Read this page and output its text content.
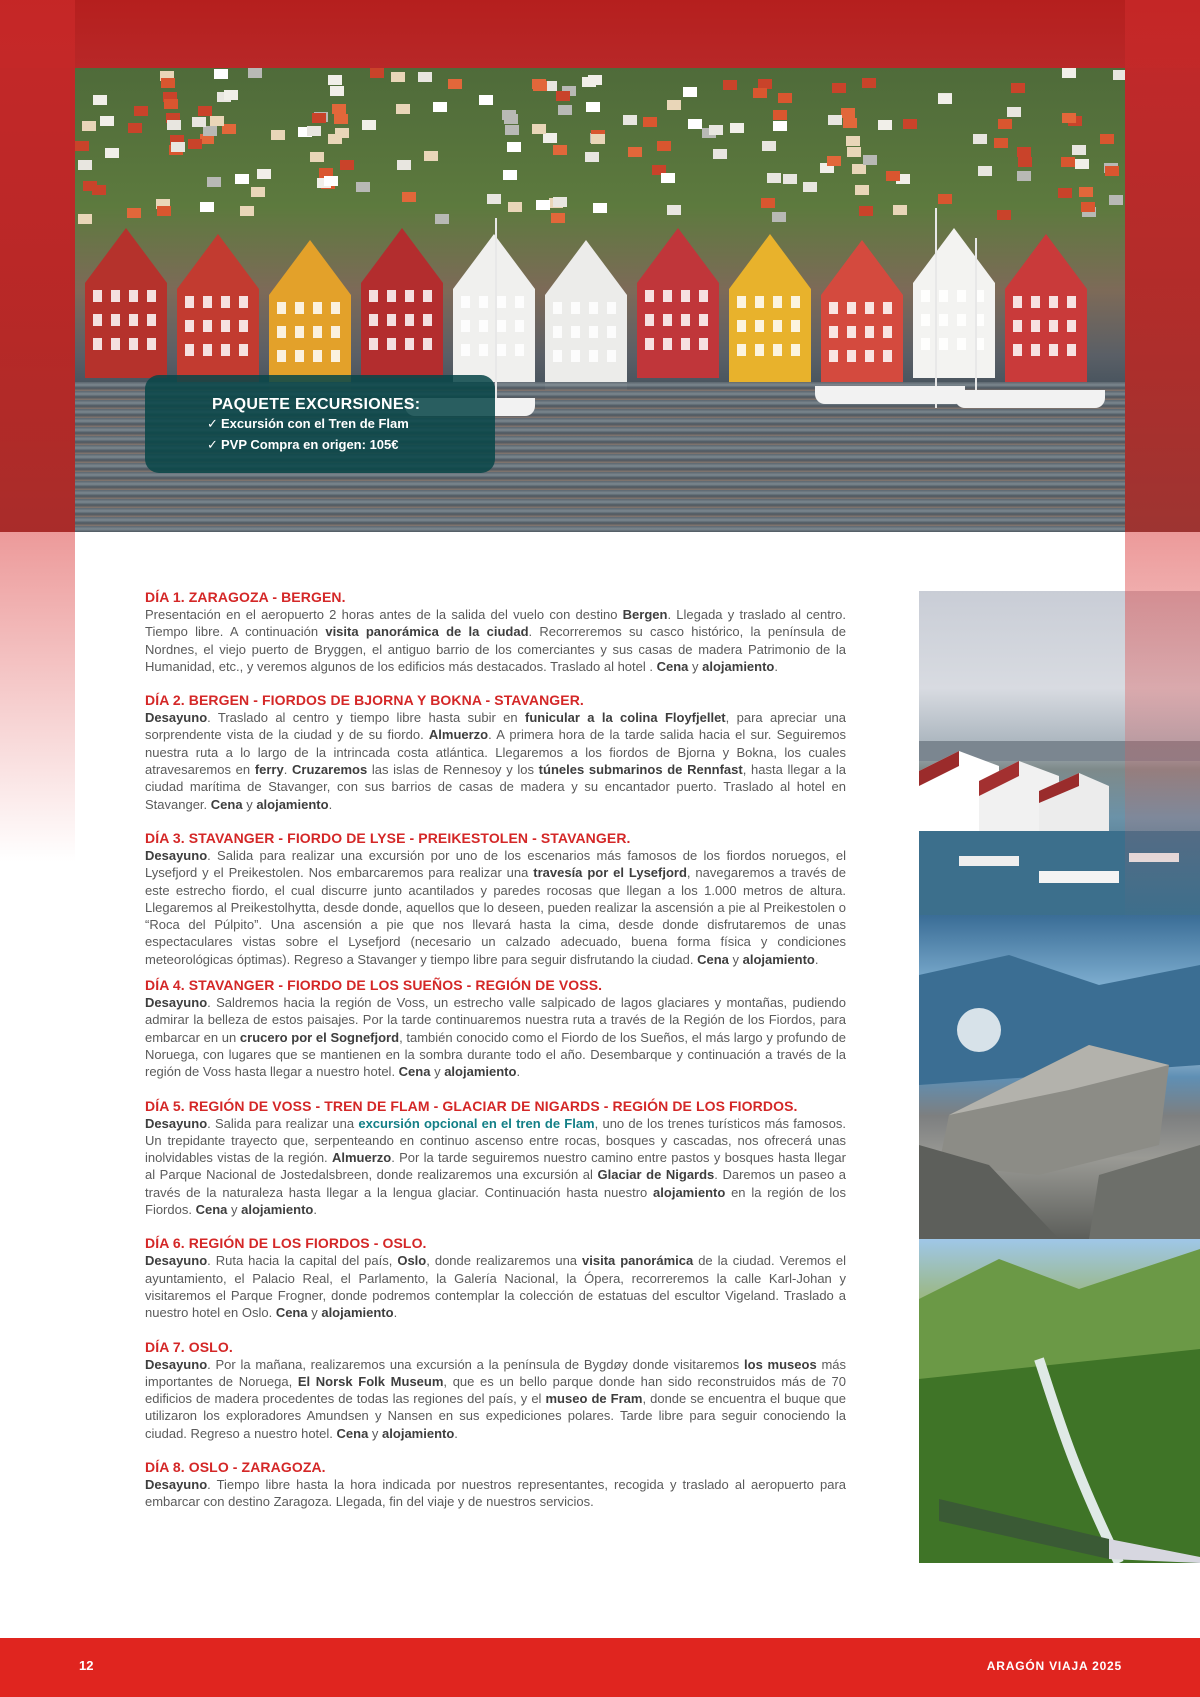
PAQUETE EXCURSIONES:
✓ Excursión con el Tren de Flam
✓ PVP Compra en origen: 105€
DÍA 1. ZARAGOZA - BERGEN.
Presentación en el aeropuerto 2 horas antes de la salida del vuelo con destino Bergen. Llegada y traslado al centro. Tiempo libre. A continuación visita panorámica de la ciudad. Recorreremos su casco histórico, la península de Nordnes, el viejo puerto de Bryggen, el antiguo barrio de los comerciantes y sus casas de madera Patrimonio de la Humanidad, etc., y veremos algunos de los edificios más destacados. Traslado al hotel . Cena y alojamiento.
DÍA 2. BERGEN - FIORDOS DE BJORNA Y BOKNA - STAVANGER.
Desayuno. Traslado al centro y tiempo libre hasta subir en funicular a la colina Floyfjellet, para apreciar una sorprendente vista de la ciudad y de su fiordo. Almuerzo. A primera hora de la tarde salida hacia el sur. Seguiremos nuestra ruta a lo largo de la intrincada costa atlántica. Llegaremos a los fiordos de Bjorna y Bokna, los cuales atravesaremos en ferry. Cruzaremos las islas de Rennesoy y los túneles submarinos de Rennfast, hasta llegar a la ciudad marítima de Stavanger, con sus barrios de casas de madera y su encantador puerto. Traslado al hotel en Stavanger. Cena y alojamiento.
DÍA 3. STAVANGER - FIORDO DE LYSE - PREIKESTOLEN - STAVANGER.
Desayuno. Salida para realizar una excursión por uno de los escenarios más famosos de los fiordos noruegos, el Lysefjord y el Preikestolen. Nos embarcaremos para realizar una travesía por el Lysefjord, navegaremos a través de este estrecho fiordo, el cual discurre junto acantilados y paredes rocosas que llegan a los 1.000 metros de altura. Llegaremos al Preikestolhytta, desde donde, aquellos que lo deseen, pueden realizar la ascensión a pie al Preikestolen o “Roca del Púlpito”. Una ascensión a pie que nos llevará hasta la cima, desde donde disfrutaremos de unas espectaculares vistas sobre el Lysefjord (necesario un calzado adecuado, buena forma física y condiciones meteorológicas óptimas). Regreso a Stavanger y tiempo libre para seguir disfrutando la ciudad. Cena y alojamiento.
DÍA 4. STAVANGER - FIORDO DE LOS SUEÑOS - REGIÓN DE VOSS.
Desayuno. Saldremos hacia la región de Voss, un estrecho valle salpicado de lagos glaciares y montañas, pudiendo admirar la belleza de estos paisajes. Por la tarde continuaremos nuestra ruta a través de la Región de los Fiordos, para embarcar en un crucero por el Sognefjord, también conocido como el Fiordo de los Sueños, el más largo y profundo de Noruega, con lugares que se mantienen en la sombra durante todo el año. Desembarque y continuación a través de la región de Voss hasta llegar a nuestro hotel. Cena y alojamiento.
DÍA 5. REGIÓN DE VOSS - TREN DE FLAM - GLACIAR DE NIGARDS - REGIÓN DE LOS FIORDOS.
Desayuno. Salida para realizar una excursión opcional en el tren de Flam, uno de los trenes turísticos más famosos. Un trepidante trayecto que, serpenteando en continuo ascenso entre rocas, bosques y cascadas, nos ofrecerá unas inolvidables vistas de la región. Almuerzo. Por la tarde seguiremos nuestro camino entre pastos y bosques hasta llegar al Parque Nacional de Jostedalsbreen, donde realizaremos una excursión al Glaciar de Nigards. Daremos un paseo a través de la naturaleza hasta llegar a la lengua glaciar. Continuación hasta nuestro alojamiento en la región de los Fiordos. Cena y alojamiento.
DÍA 6. REGIÓN DE LOS FIORDOS - OSLO.
Desayuno. Ruta hacia la capital del país, Oslo, donde realizaremos una visita panorámica de la ciudad. Veremos el ayuntamiento, el Palacio Real, el Parlamento, la Galería Nacional, la Ópera, recorreremos la calle Karl-Johan y visitaremos el Parque Frogner, donde podremos contemplar la colección de estatuas del escultor Vigeland. Traslado a nuestro hotel en Oslo. Cena y alojamiento.
DÍA 7. OSLO.
Desayuno. Por la mañana, realizaremos una excursión a la península de Bygdøy donde visitaremos los museos más importantes de Noruega, El Norsk Folk Museum, que es un bello parque donde han sido reconstruidos más de 70 edificios de madera procedentes de todas las regiones del país, y el museo de Fram, donde se encuentra el buque que utilizaron los exploradores Amundsen y Nansen en sus expediciones polares. Tarde libre para seguir conociendo la ciudad. Regreso a nuestro hotel. Cena y alojamiento.
DÍA 8. OSLO - ZARAGOZA.
Desayuno. Tiempo libre hasta la hora indicada por nuestros representantes, recogida y traslado al aeropuerto para embarcar con destino Zaragoza. Llegada, fin del viaje y de nuestros servicios.
12	ARAGÓN VIAJA 2025
